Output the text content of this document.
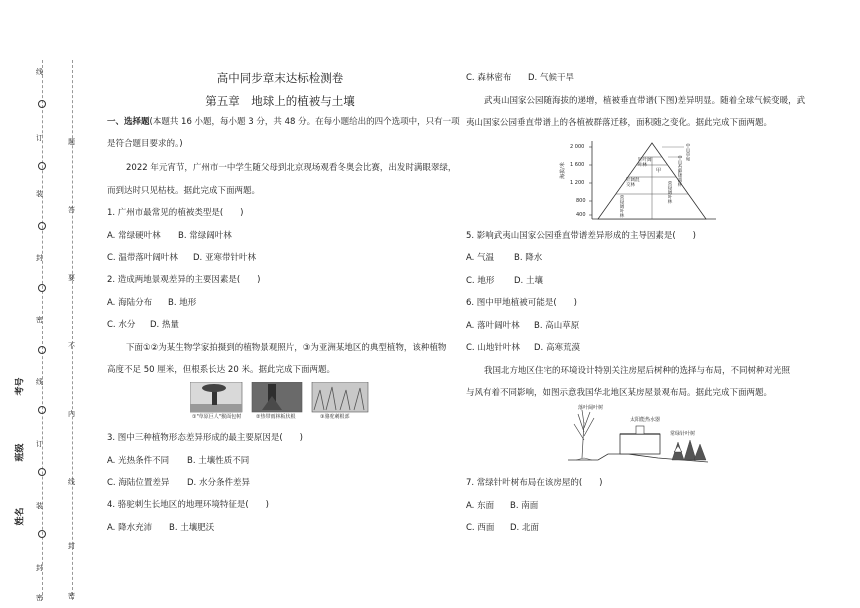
线
订
装
封
密
线
订
装
封
密
题
答
要
不
内
线
封
密
考号
班级
姓名
高中同步章末达标检测卷
第五章　地球上的植被与土壤
一、选择题(本题共 16 小题，每小题 3 分，共 48 分。在每小题给出的四个选项中，只有一项
是符合题目要求的。)
2022 年元宵节，广州市一中学生随父母到北京现场观看冬奥会比赛，出发时满眼翠绿，
而到达时只见枯枝。据此完成下面两题。
1. 广州市最常见的植被类型是(　　)
A. 常绿硬叶林 B. 常绿阔叶林
C. 温带落叶阔叶林 D. 亚寒带针叶林
2. 造成两地景观差异的主要因素是(　　)
A. 海陆分布 B. 地形
C. 水分 D. 热量
下面①②为某生物学家拍摄到的植物景观照片，③为亚洲某地区的典型植物，该种植物
高度不足 50 厘米，但根系长达 20 米。据此完成下面两题。
①"草原巨人"猴面包树	②热带雨林板状根	③骆驼刺根部
3. 图中三种植物形态差异形成的最主要原因是(　　)
A. 光热条件不同 B. 土壤性质不同
C. 海陆位置差异 D. 水分条件差异
4. 骆驼刺生长地区的地理环境特征是(　　)
A. 降水充沛 B. 土壤肥沃
C. 森林密布 D. 气候干旱
武夷山国家公园随海拔的递增，植被垂直带谱(下图)差异明显。随着全球气候变暖，武
夷山国家公园垂直带谱上的各植被群落迁移，面积随之变化。据此完成下面两题。
海拔/米
2 000
1 600
1 200
800
400
中山草甸
中山苔藓矮曲林
针叶阔叶林
针阔混交林
常绿阔叶林
甲
常绿阔叶林
5. 影响武夷山国家公园垂直带谱差异形成的主导因素是(　　)
A. 气温 B. 降水
C. 地形 D. 土壤
6. 图中甲地植被可能是(　　)
A. 落叶阔叶林 B. 高山草原
C. 山地针叶林 D. 高寒荒漠
我国北方地区住宅的环境设计特别关注房屋后树种的选择与布局，不同树种对光照
与风有着不同影响，如图示意我国华北地区某房屋景观布局。据此完成下面两题。
落叶阔叶树
太阳能热水器
常绿针叶树
7. 常绿针叶树布局在该房屋的(　　)
A. 东面 B. 南面
C. 西面 D. 北面
